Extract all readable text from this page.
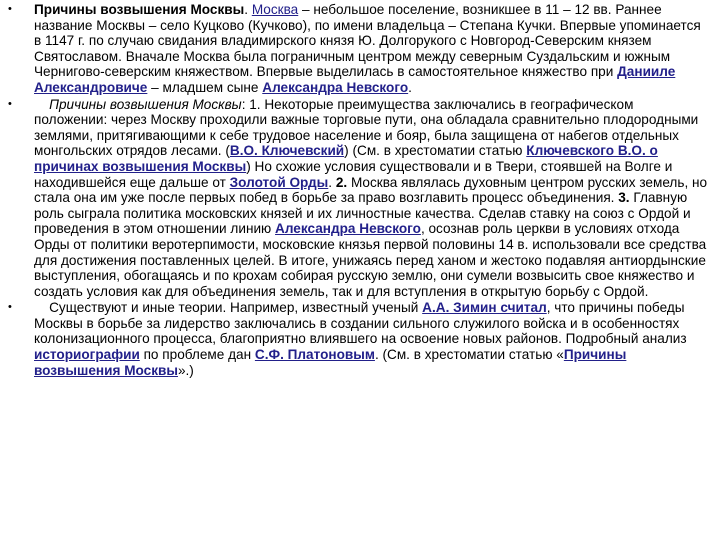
• Причины возвышения Москвы. Москва – небольшое поселение, возникшее в 11 – 12 вв. Раннее название Москвы – село Куцково (Кучково), по имени владельца – Степана Кучки. Впервые упоминается в 1147 г. по случаю свидания владимирского князя Ю. Долгорукого с Новгород-Северским князем Святославом. Вначале Москва была пограничным центром между северным Суздальским и южным Чернигово-северским княжеством. Впервые выделилась в самостоятельное княжество при Данииле Александровиче – младшем сыне Александра Невского.
•	Причины возвышения Москвы: 1. Некоторые преимущества заключались в географическом положении: через Москву проходили важные торговые пути, она обладала сравнительно плодородными землями, притягивающими к себе трудовое население и бояр, была защищена от набегов отдельных монгольских отрядов лесами. (В.О. Ключевский) (См. в хрестоматии статью Ключевского В.О. о причинах возвышения Москвы) Но схожие условия существовали и в Твери, стоявшей на Волге и находившейся еще дальше от Золотой Орды. 2. Москва являлась духовным центром русских земель, но стала она им уже после первых побед в борьбе за право возглавить процесс объединения. 3. Главную роль сыграла политика московских князей и их личностные качества. Сделав ставку на союз с Ордой и проведения в этом отношении линию Александра Невского, осознав роль церкви в условиях отхода Орды от политики веротерпимости, московские князья первой половины 14 в. использовали все средства для достижения поставленных целей. В итоге, унижаясь перед ханом и жестоко подавляя антиордынские выступления, обогащаясь и по крохам собирая русскую землю, они сумели возвысить свое княжество и создать условия как для объединения земель, так и для вступления в открытую борьбу с Ордой.
•	Существуют и иные теории. Например, известный ученый А.А. Зимин считал, что причины победы Москвы в борьбе за лидерство заключались в создании сильного служилого войска и в особенностях колонизационного процесса, благоприятно влиявшего на освоение новых районов. Подробный анализ историографии по проблеме дан С.Ф. Платоновым. (См. в хрестоматии статью «Причины возвышения Москвы».)
